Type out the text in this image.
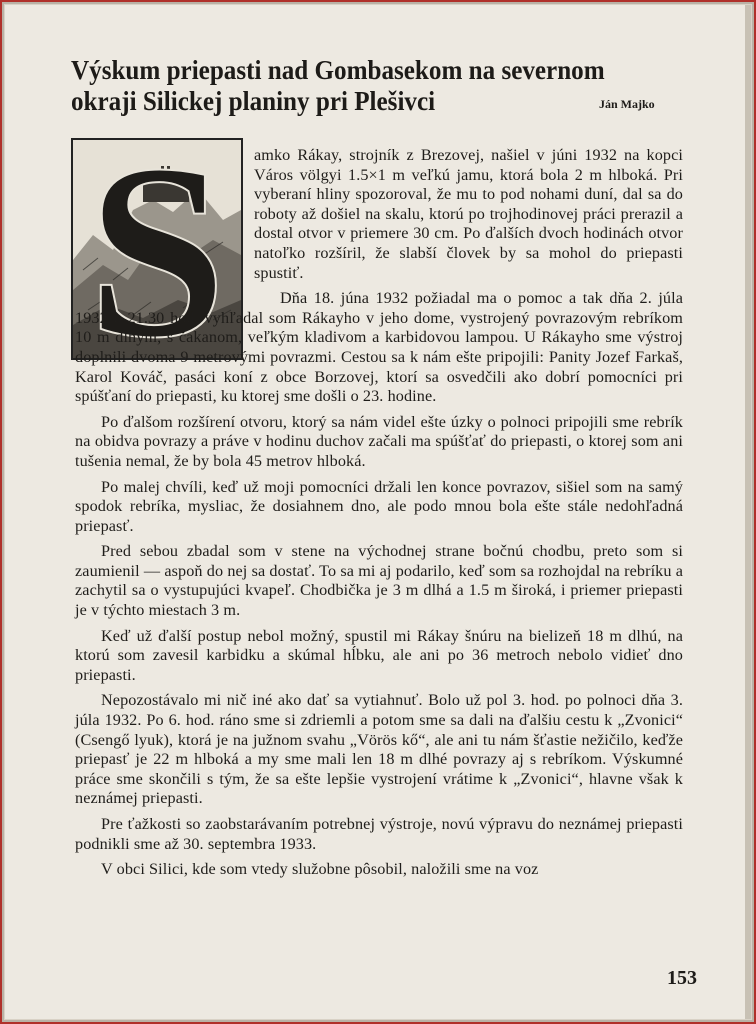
Výskum priepasti nad Gombasekom na severnom
okraji Silickej planiny pri Plešivci	Ján Majko
S	amko Rákay, strojník z Brezovej, našiel v júni 1932 na kopci Város völgyi 1.5×1 m veľkú jamu, ktorá bola 2 m hlboká. Pri vyberaní hliny spozoroval, že mu to pod nohami duní, dal sa do roboty až došiel na skalu, ktorú po trojhodinovej práci prerazil a dostal otvor v priemere 30 cm. Po ďalších dvoch hodinách otvor natoľko rozšíril, že slabší človek by sa mohol do priepasti spustiť.

Dňa 18. júna 1932 požiadal ma o pomoc a tak dňa 2. júla 1932 o 21.30 hod. vyhľadal som Rákayho v jeho dome, vystrojený povrazovým rebríkom 10 m dlhým, s čakanom, veľkým kladivom a karbidovou lampou. U Rákayho sme výstroj doplnili dvoma 9 metrovými povrazmi. Cestou sa k nám ešte pripojili: Panity Jozef Farkaš, Karol Kováč, pasáci koní z obce Borzovej, ktorí sa osvedčili ako dobrí pomocníci pri spúšťaní do priepasti, ku ktorej sme došli o 23. hodine.

Po ďalšom rozšírení otvoru, ktorý sa nám videl ešte úzky o polnoci pripojili sme rebrík na obidva povrazy a práve v hodinu duchov začali ma spúšťať do priepasti, o ktorej som ani tušenia nemal, že by bola 45 metrov hlboká.

Po malej chvíli, keď už moji pomocníci držali len konce povrazov, sišiel som na samý spodok rebríka, mysliac, že dosiahnem dno, ale podo mnou bola ešte stále nedohľadná priepasť.

Pred sebou zbadal som v stene na východnej strane bočnú chodbu, preto som si zaumienil — aspoň do nej sa dostať. To sa mi aj podarilo, keď som sa rozhojdal na rebríku a zachytil sa o vystupujúci kvapeľ. Chodbička je 3 m dlhá a 1.5 m široká, i priemer priepasti je v týchto miestach 3 m.

Keď už ďalší postup nebol možný, spustil mi Rákay šnúru na bielizeň 18 m dlhú, na ktorú som zavesil karbidku a skúmal hĺbku, ale ani po 36 metroch nebolo vidieť dno priepasti.

Nepozostávalo mi nič iné ako dať sa vytiahnuť. Bolo už pol 3. hod. po polnoci dňa 3. júla 1932. Po 6. hod. ráno sme si zdriemli a potom sme sa dali na ďalšiu cestu k „Zvonici“ (Csengő lyuk), ktorá je na južnom svahu „Vörös kő“, ale ani tu nám šťastie nežičilo, keďže priepasť je 22 m hlboká a my sme mali len 18 m dlhé povrazy aj s rebríkom. Výskumné práce sme skončili s tým, že sa ešte lepšie vystrojení vrátime k „Zvonici“, hlavne však k neznámej priepasti.

Pre ťažkosti so zaobstarávaním potrebnej výstroje, novú výpravu do neznámej priepasti podnikli sme až 30. septembra 1933.

V obci Silici, kde som vtedy služobne pôsobil, naložili sme na voz

153
